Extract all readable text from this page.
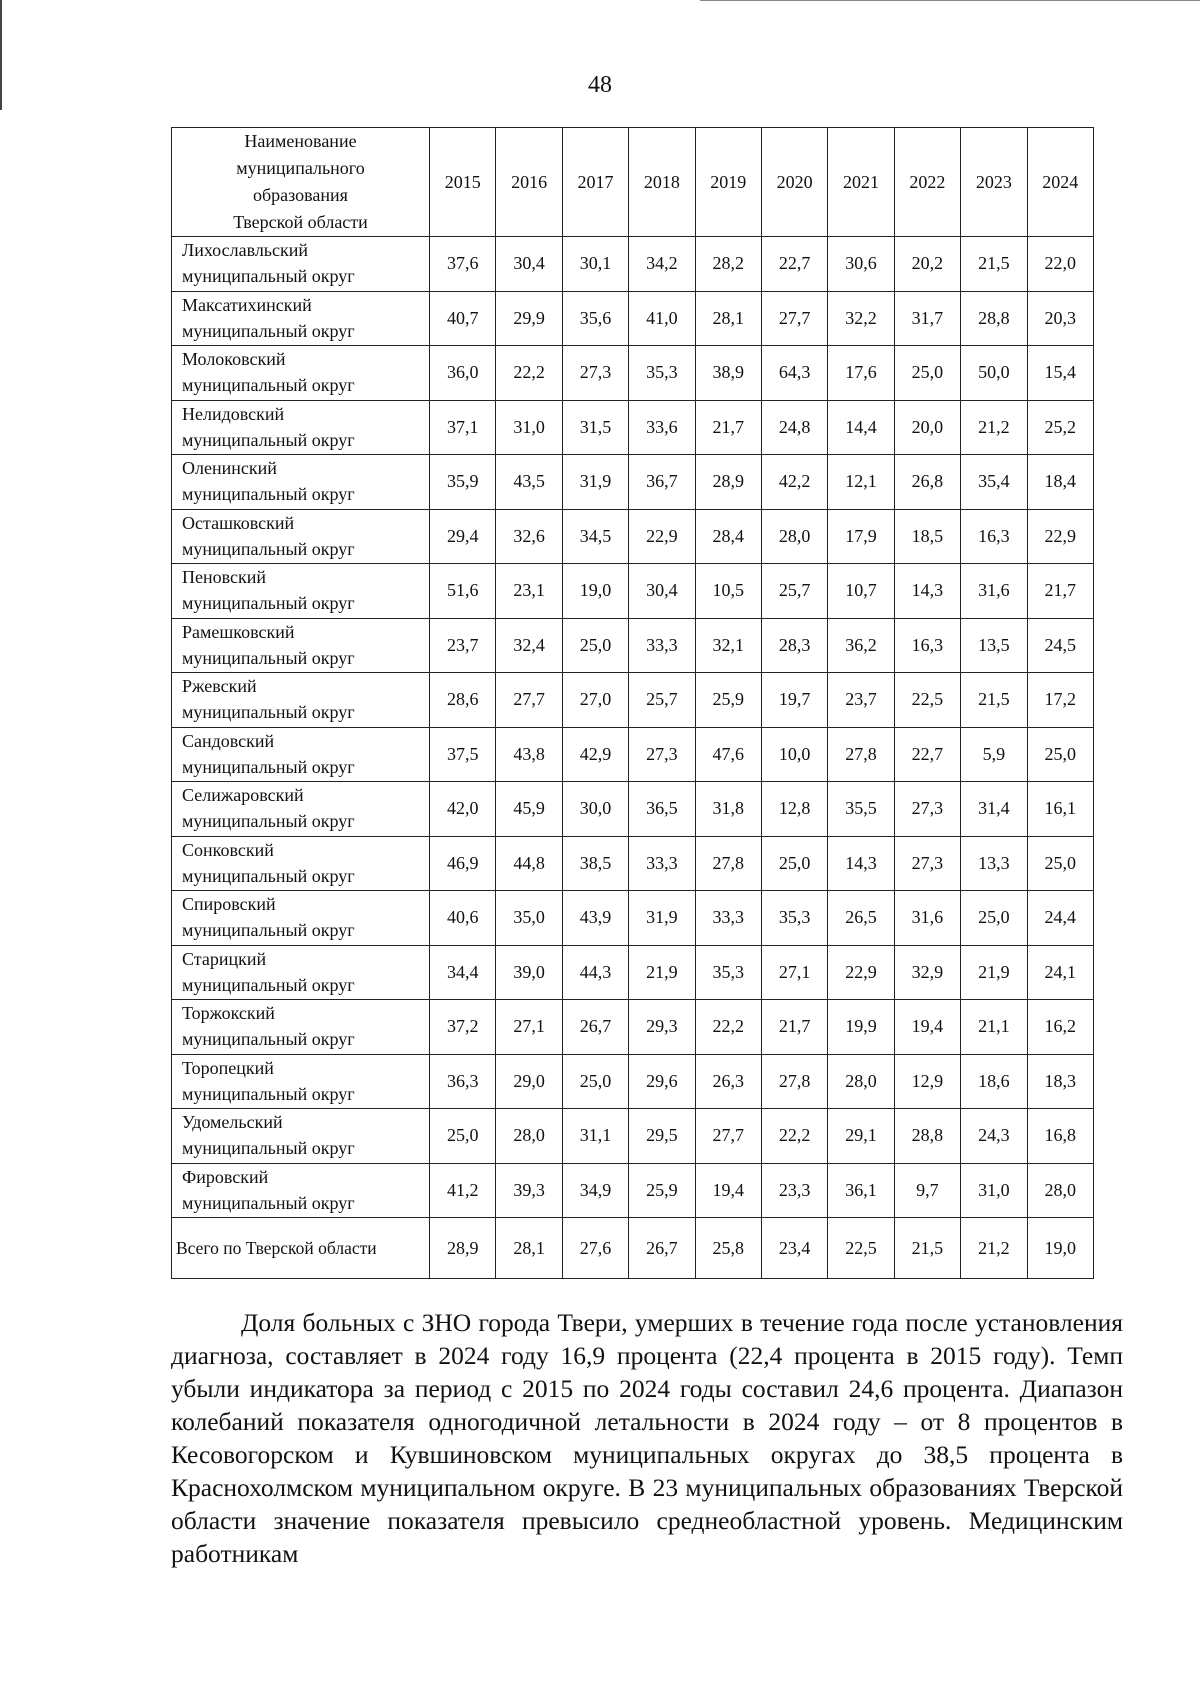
48
Наименование
муниципального
образования
Тверской области	2015	2016	2017	2018	2019	2020	2021	2022	2023	2024

Лихославльский
муниципальный округ	37,6	30,4	30,1	34,2	28,2	22,7	30,6	20,2	21,5	22,0

Максатихинский
муниципальный округ	40,7	29,9	35,6	41,0	28,1	27,7	32,2	31,7	28,8	20,3

Молоковский
муниципальный округ	36,0	22,2	27,3	35,3	38,9	64,3	17,6	25,0	50,0	15,4

Нелидовский
муниципальный округ	37,1	31,0	31,5	33,6	21,7	24,8	14,4	20,0	21,2	25,2

Оленинский
муниципальный округ	35,9	43,5	31,9	36,7	28,9	42,2	12,1	26,8	35,4	18,4

Осташковский
муниципальный округ	29,4	32,6	34,5	22,9	28,4	28,0	17,9	18,5	16,3	22,9

Пеновский
муниципальный округ	51,6	23,1	19,0	30,4	10,5	25,7	10,7	14,3	31,6	21,7

Рамешковский
муниципальный округ	23,7	32,4	25,0	33,3	32,1	28,3	36,2	16,3	13,5	24,5

Ржевский
муниципальный округ	28,6	27,7	27,0	25,7	25,9	19,7	23,7	22,5	21,5	17,2

Сандовский
муниципальный округ	37,5	43,8	42,9	27,3	47,6	10,0	27,8	22,7	5,9	25,0

Селижаровский
муниципальный округ	42,0	45,9	30,0	36,5	31,8	12,8	35,5	27,3	31,4	16,1

Сонковский
муниципальный округ	46,9	44,8	38,5	33,3	27,8	25,0	14,3	27,3	13,3	25,0

Спировский
муниципальный округ	40,6	35,0	43,9	31,9	33,3	35,3	26,5	31,6	25,0	24,4

Старицкий
муниципальный округ	34,4	39,0	44,3	21,9	35,3	27,1	22,9	32,9	21,9	24,1

Торжокский
муниципальный округ	37,2	27,1	26,7	29,3	22,2	21,7	19,9	19,4	21,1	16,2

Торопецкий
муниципальный округ	36,3	29,0	25,0	29,6	26,3	27,8	28,0	12,9	18,6	18,3

Удомельский
муниципальный округ	25,0	28,0	31,1	29,5	27,7	22,2	29,1	28,8	24,3	16,8

Фировский
муниципальный округ	41,2	39,3	34,9	25,9	19,4	23,3	36,1	9,7	31,0	28,0
Всего по Тверской области	28,9	28,1	27,6	26,7	25,8	23,4	22,5	21,5	21,2	19,0

Доля больных с ЗНО города Твери, умерших в течение года после установления диагноза, составляет в 2024 году 16,9 процента (22,4 процента в 2015 году). Темп убыли индикатора за период с 2015 по 2024 годы составил 24,6 процента. Диапазон колебаний показателя одногодичной летальности в 2024 году – от 8 процентов в Кесовогорском и Кувшиновском муниципальных округах до 38,5 процента в Краснохолмском муниципальном округе. В 23 муниципальных образованиях Тверской области значение показателя превысило среднеобластной уровень. Медицинским работникам
